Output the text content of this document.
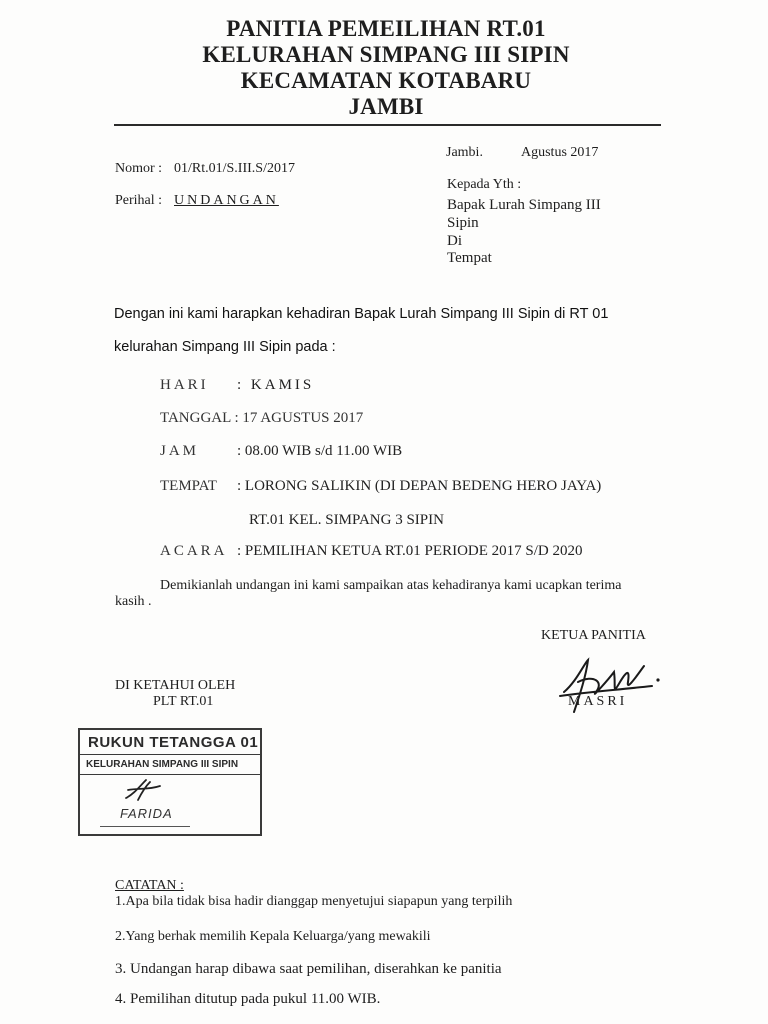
PANITIA PEMEILIHAN RT.01
KELURAHAN SIMPANG III SIPIN
KECAMATAN KOTABARU
JAMBI
Jambi.	Agustus 2017
Nomor : 01/Rt.01/S.III.S/2017
Perihal : UNDANGAN
Kepada Yth :
Bapak Lurah Simpang III
Sipin
Di
Tempat
Dengan ini kami harapkan kehadiran Bapak Lurah Simpang III Sipin di RT 01
kelurahan Simpang III Sipin pada :
HARI : KAMIS
TANGGAL : 17 AGUSTUS 2017
JAM	: 08.00 WIB s/d 11.00 WIB
TEMPAT : LORONG SALIKIN (DI DEPAN BEDENG HERO JAYA)
RT.01 KEL. SIMPANG 3 SIPIN
ACARA : PEMILIHAN KETUA RT.01 PERIODE 2017 S/D 2020
Demikianlah undangan ini kami sampaikan atas kehadiranya kami ucapkan terima
kasih .
KETUA PANITIA
MASRI
DI KETAHUI OLEH
PLT RT.01
RUKUN TETANGGA 01
KELURAHAN SIMPANG III SIPIN
FARIDA
CATATAN :
1.Apa bila tidak bisa hadir dianggap menyetujui siapapun yang terpilih
2.Yang berhak memilih Kepala Keluarga/yang mewakili
3. Undangan harap dibawa saat pemilihan, diserahkan ke panitia
4. Pemilihan ditutup pada pukul 11.00 WIB.
